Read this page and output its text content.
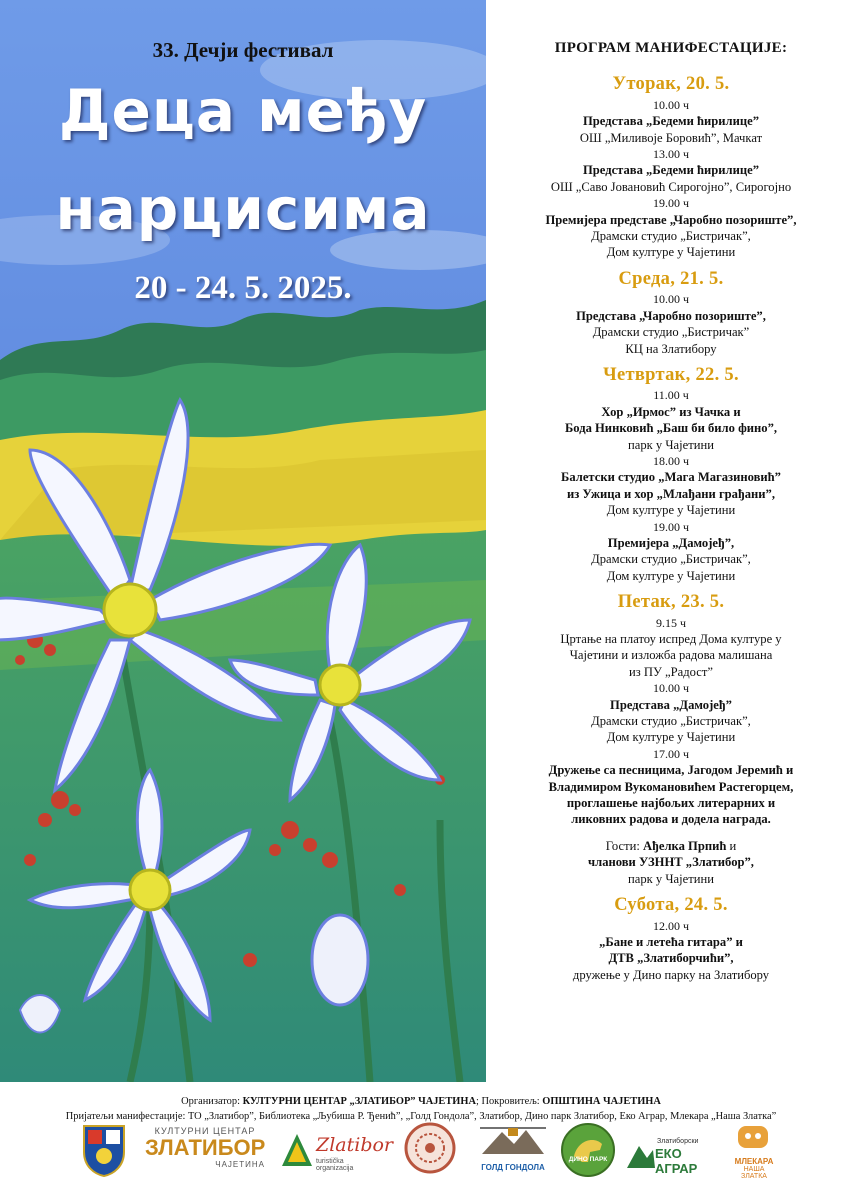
33. Дечји фестивал
Деца међу
нарцисима
20 - 24. 5. 2025.
ПРОГРАМ МАНИФЕСТАЦИЈЕ:
Уторак, 20. 5.
10.00 ч
Представа „Бедеми ћирилице”
ОШ „Миливоје Боровић”, Мачкат
13.00 ч
Представа „Бедеми ћирилице”
ОШ „Саво Јовановић Сирогојно”, Сирогојно
19.00 ч
Премијера представе „Чаробно позориште”,
Драмски студио „Бистричак”,
Дом културе у Чајетини
Среда, 21. 5.
10.00 ч
Представа „Чаробно позориште”,
Драмски студио „Бистричак”
КЦ на Златибору
Четвртак, 22. 5.
11.00 ч
Хор „Ирмос” из Чачка и
Бода Нинковић „Баш би било фино”,
парк у Чајетини
18.00 ч
Балетски студио „Мага Магазиновић”
из Ужица и хор „Млађани грађани”,
Дом културе у Чајетини
19.00 ч
Премијера „Дамојеђ”,
Драмски студио „Бистричак”,
Дом културе у Чајетини
Петак, 23. 5.
9.15 ч
Цртање на платоу испред Дома културе у
Чајетини и изложба радова малишана
из ПУ „Радост”
10.00 ч
Представа „Дамојеђ”
Драмски студио „Бистричак”,
Дом културе у Чајетини
17.00 ч
Дружење са песницима, Јагодом Јеремић и
Владимиром Вукомановићем Растегорцем,
проглашење најбољих литерарних и
ликовних радова и додела награда.
Гости: Ађелка Прпић и
чланови УЗННТ „Златибор”,
парк у Чајетини
Субота, 24. 5.
12.00 ч
„Бане и летећа гитара” и
ДТВ „Златиборчићи”,
дружење у Дино парку на Златибору
Организатор: КУЛТУРНИ ЦЕНТАР „ЗЛАТИБОР” ЧАЈЕТИНА; Покровитељ: ОПШТИНА ЧАЈЕТИНА
Пријатељи манифестације: ТО „Златибор”, Библиотека „Љубиша Р. Ђенић”, „Голд Гондола”, Златибор, Дино парк Златибор, Еко Аграр, Млекара „Наша Златка”
КУЛТУРНИ ЦЕНТАР
ЗЛАТИБОР
ЧАЈЕТИНА
Zlatibor
turistička organizacija	ГОЛД ГОНДОЛА
ДИНО ПАРК
Златиборски
ЕКО АГРАР	МЛЕКАРА
НАША ЗЛАТКА
